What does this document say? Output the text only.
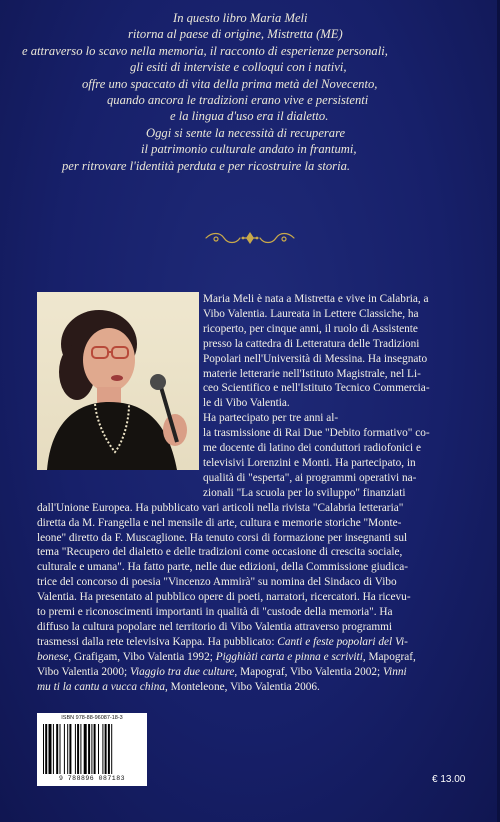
In questo libro Maria Meli
ritorna al paese di origine, Mistretta (ME)
e attraverso lo scavo nella memoria, il racconto di esperienze personali,
gli esiti di interviste e colloqui con i nativi,
offre uno spaccato di vita della prima metà del Novecento,
quando ancora le tradizioni erano vive e persistenti
e la lingua d'uso era il dialetto.
Oggi si sente la necessità di recuperare
il patrimonio culturale andato in frantumi,
per ritrovare l'identità perduta e per ricostruire la storia.
Maria Meli è nata a Mistretta e vive in Calabria, a
Vibo Valentia. Laureata in Lettere Classiche, ha
ricoperto, per cinque anni, il ruolo di Assistente
presso la cattedra di Letteratura delle Tradizioni
Popolari nell'Università di Messina. Ha insegnato
materie letterarie nell'Istituto Magistrale, nel Li-
ceo Scientifico e nell'Istituto Tecnico Commercia-
le di Vibo Valentia.
Ha partecipato per tre anni al-
la trasmissione di Rai Due "Debito formativo" co-
me docente di latino dei conduttori radiofonici e
televisivi Lorenzini e Monti. Ha partecipato, in
qualità di "esperta", ai programmi operativi na-
zionali "La scuola per lo sviluppo" finanziati
dall'Unione Europea. Ha pubblicato vari articoli nella rivista "Calabria letteraria"
diretta da M. Frangella e nel mensile di arte, cultura e memorie storiche "Monte-
leone" diretto da F. Muscaglione. Ha tenuto corsi di formazione per insegnanti sul
tema "Recupero del dialetto e delle tradizioni come occasione di crescita sociale,
culturale e umana". Ha fatto parte, nelle due edizioni, della Commissione giudica-
trice del concorso di poesia "Vincenzo Ammirà" su nomina del Sindaco di Vibo
Valentia. Ha presentato al pubblico opere di poeti, narratori, ricercatori. Ha ricevu-
to premi e riconoscimenti importanti in qualità di "custode della memoria". Ha
diffuso la cultura popolare nel territorio di Vibo Valentia attraverso programmi
trasmessi dalla rete televisiva Kappa. Ha pubblicato: Canti e feste popolari del Vi-
bonese, Grafigam, Vibo Valentia 1992; Pigghiàti carta e pinna e scriviti, Mapograf,
Vibo Valentia 2000; Viaggio tra due culture, Mapograf, Vibo Valentia 2002; Vinni
mu ti la cantu a vucca china, Monteleone, Vibo Valentia 2006.
ISBN 978-88-96087-18-3
9 788896 087183	€ 13.00
